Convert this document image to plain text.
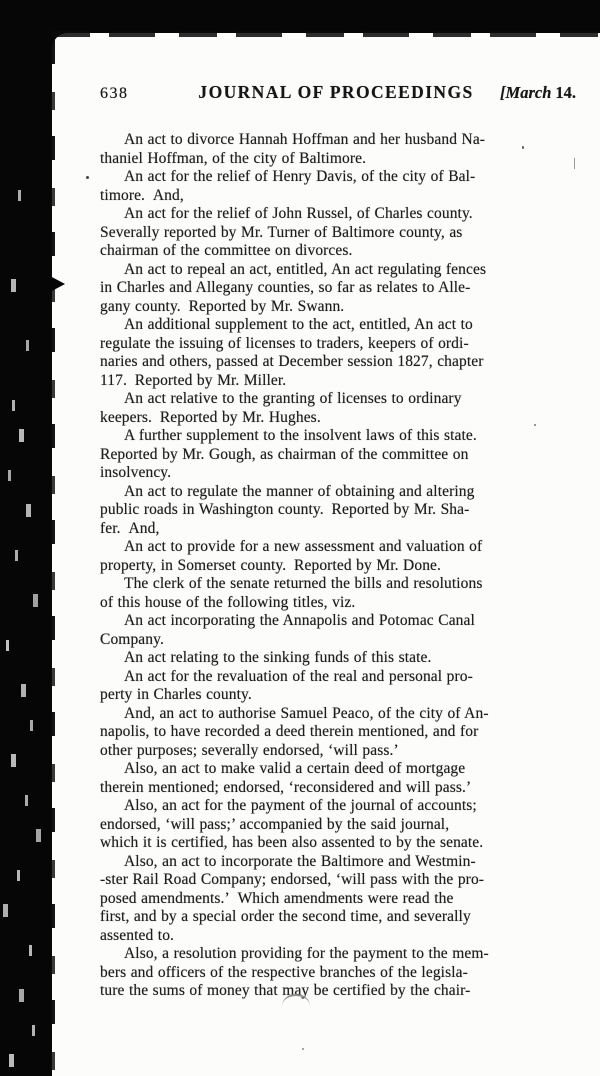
638	JOURNAL OF PROCEEDINGS	[March 14.

An act to divorce Hannah Hoffman and her husband Na-
thaniel Hoffman, of the city of Baltimore.

An act for the relief of Henry Davis, of the city of Bal-
timore. And,

An act for the relief of John Russel, of Charles county.
Severally reported by Mr. Turner of Baltimore county, as
chairman of the committee on divorces.

An act to repeal an act, entitled, An act regulating fences
in Charles and Allegany counties, so far as relates to Alle-
gany county. Reported by Mr. Swann.

An additional supplement to the act, entitled, An act to
regulate the issuing of licenses to traders, keepers of ordi-
naries and others, passed at December session 1827, chapter
117. Reported by Mr. Miller.

An act relative to the granting of licenses to ordinary
keepers. Reported by Mr. Hughes.

A further supplement to the insolvent laws of this state.
Reported by Mr. Gough, as chairman of the committee on
insolvency.

An act to regulate the manner of obtaining and altering
public roads in Washington county. Reported by Mr. Sha-
fer. And,

An act to provide for a new assessment and valuation of
property, in Somerset county. Reported by Mr. Done.

The clerk of the senate returned the bills and resolutions
of this house of the following titles, viz.

An act incorporating the Annapolis and Potomac Canal
Company.

An act relating to the sinking funds of this state.

An act for the revaluation of the real and personal pro-
perty in Charles county.

And, an act to authorise Samuel Peaco, of the city of An-
napolis, to have recorded a deed therein mentioned, and for
other purposes; severally endorsed, ‘will pass.’

Also, an act to make valid a certain deed of mortgage
therein mentioned; endorsed, ‘reconsidered and will pass.’

Also, an act for the payment of the journal of accounts;
endorsed, ‘will pass;’ accompanied by the said journal,
which it is certified, has been also assented to by the senate.

Also, an act to incorporate the Baltimore and Westmin-
-ster Rail Road Company; endorsed, ‘will pass with the pro-
posed amendments.’ Which amendments were read the
first, and by a special order the second time, and severally
assented to.

Also, a resolution providing for the payment to the mem-
bers and officers of the respective branches of the legisla-
ture the sums of money that may be certified by the chair-
